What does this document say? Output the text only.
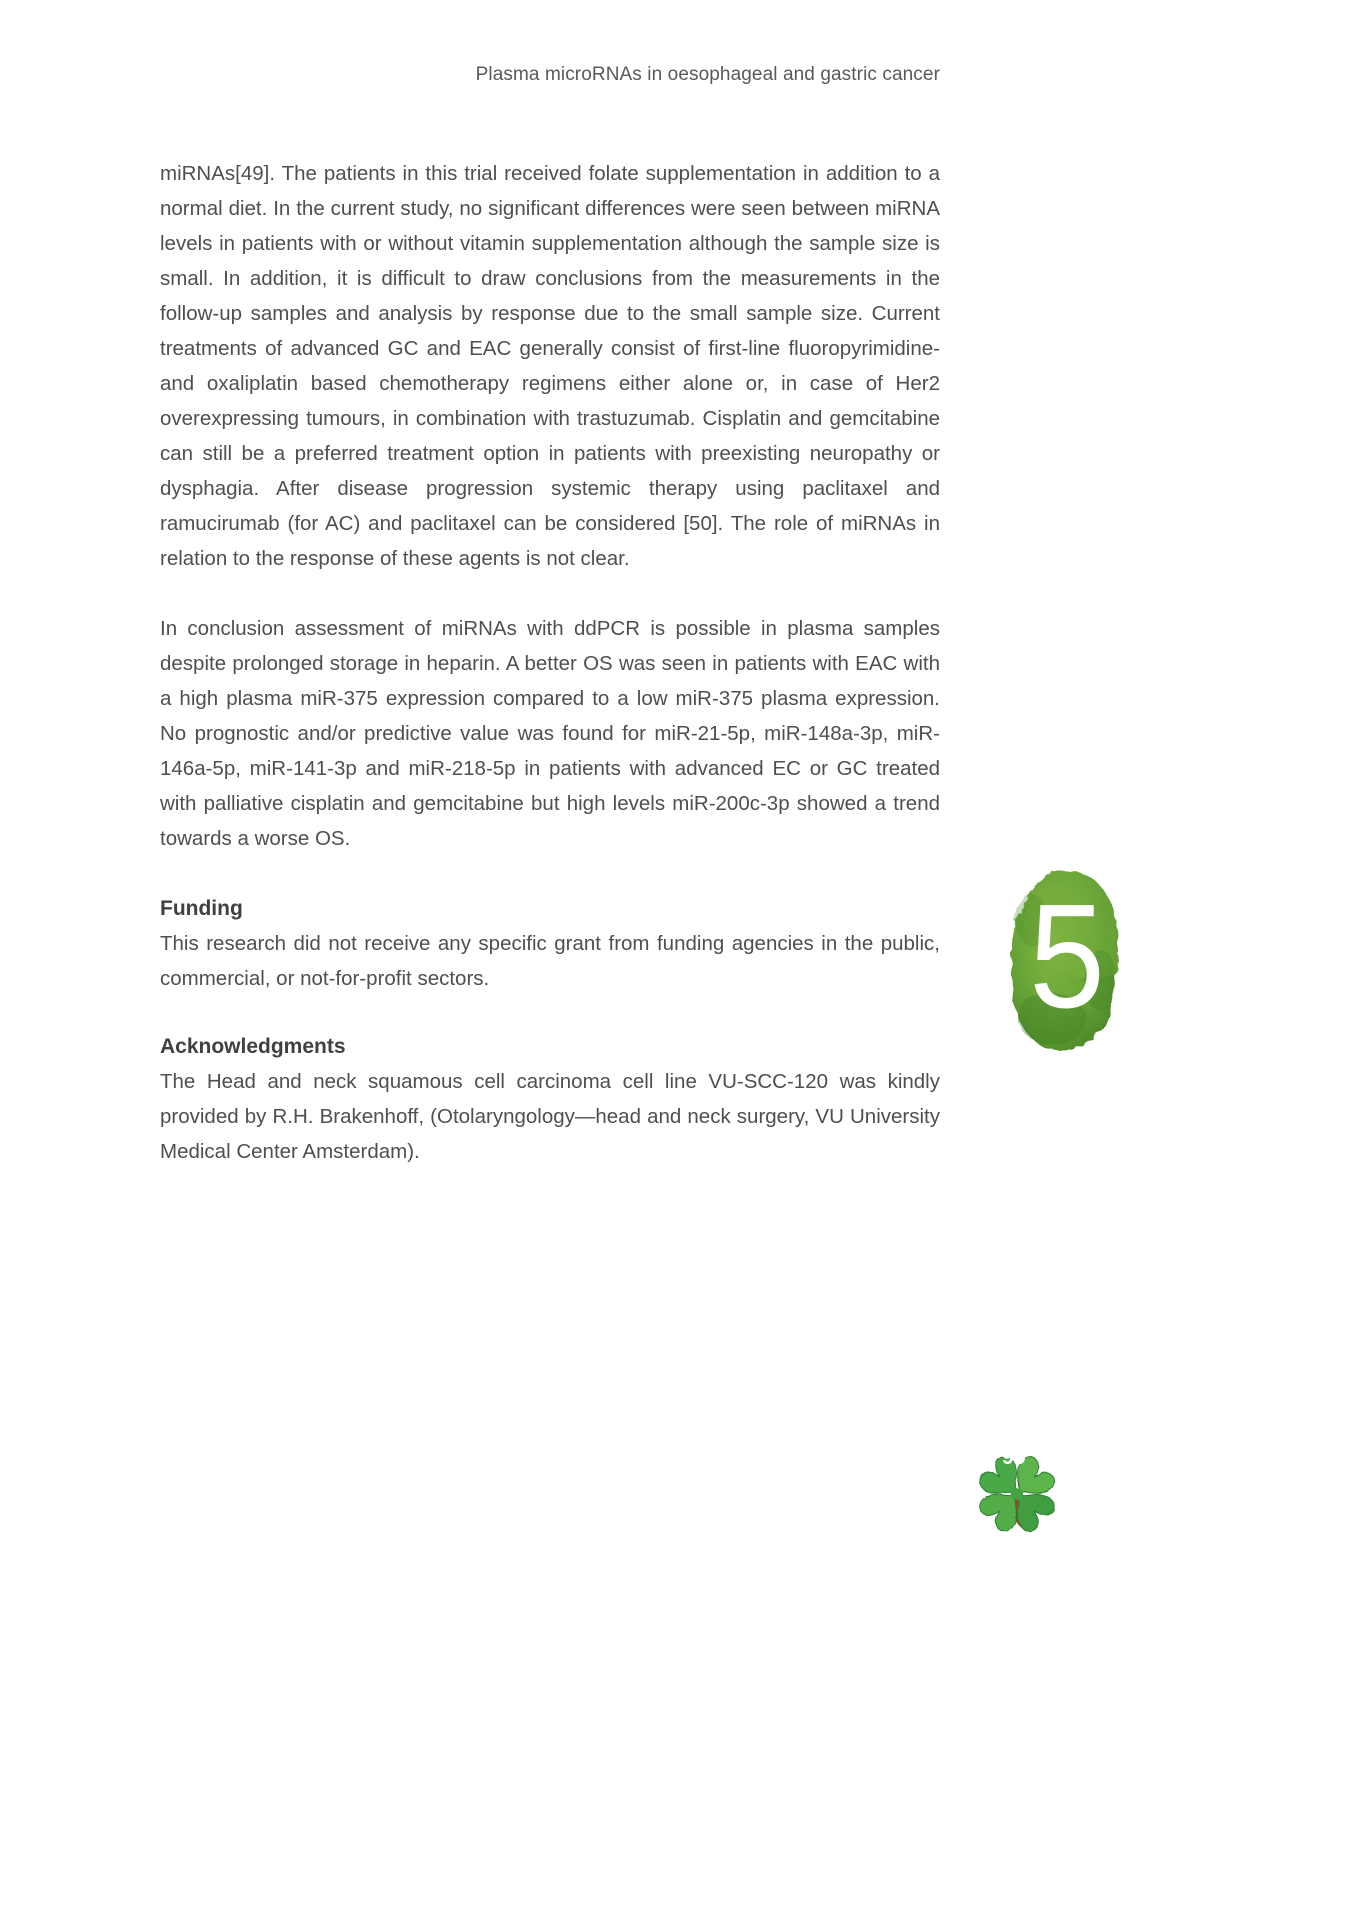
Plasma microRNAs in oesophageal and gastric cancer

miRNAs[49]. The patients in this trial received folate supplementation in addition to a normal diet. In the current study, no significant differences were seen between miRNA levels in patients with or without vitamin supplementation although the sample size is small. In addition, it is difficult to draw conclusions from the measurements in the follow-up samples and analysis by response due to the small sample size. Current treatments of advanced GC and EAC generally consist of first-line fluoropyrimidine- and oxaliplatin based chemotherapy regimens either alone or, in case of Her2 overexpressing tumours, in combination with trastuzumab. Cisplatin and gemcitabine can still be a preferred treatment option in patients with preexisting neuropathy or dysphagia. After disease progression systemic therapy using paclitaxel and ramucirumab (for AC) and paclitaxel can be considered [50]. The role of miRNAs in relation to the response of these agents is not clear.

In conclusion assessment of miRNAs with ddPCR is possible in plasma samples despite prolonged storage in heparin. A better OS was seen in patients with EAC with a high plasma miR-375 expression compared to a low miR-375 plasma expression. No prognostic and/or predictive value was found for miR-21-5p, miR-148a-3p, miR-146a-5p, miR-141-3p and miR-218-5p in patients with advanced EC or GC treated with palliative cisplatin and gemcitabine but high levels miR-200c-3p showed a trend towards a worse OS.

Funding

This research did not receive any specific grant from funding agencies in the public, commercial, or not-for-profit sectors.

Acknowledgments

The Head and neck squamous cell carcinoma cell line VU-SCC-120 was kindly provided by R.H. Brakenhoff, (Otolaryngology—head and neck surgery, VU University Medical Center Amsterdam).

5
99
